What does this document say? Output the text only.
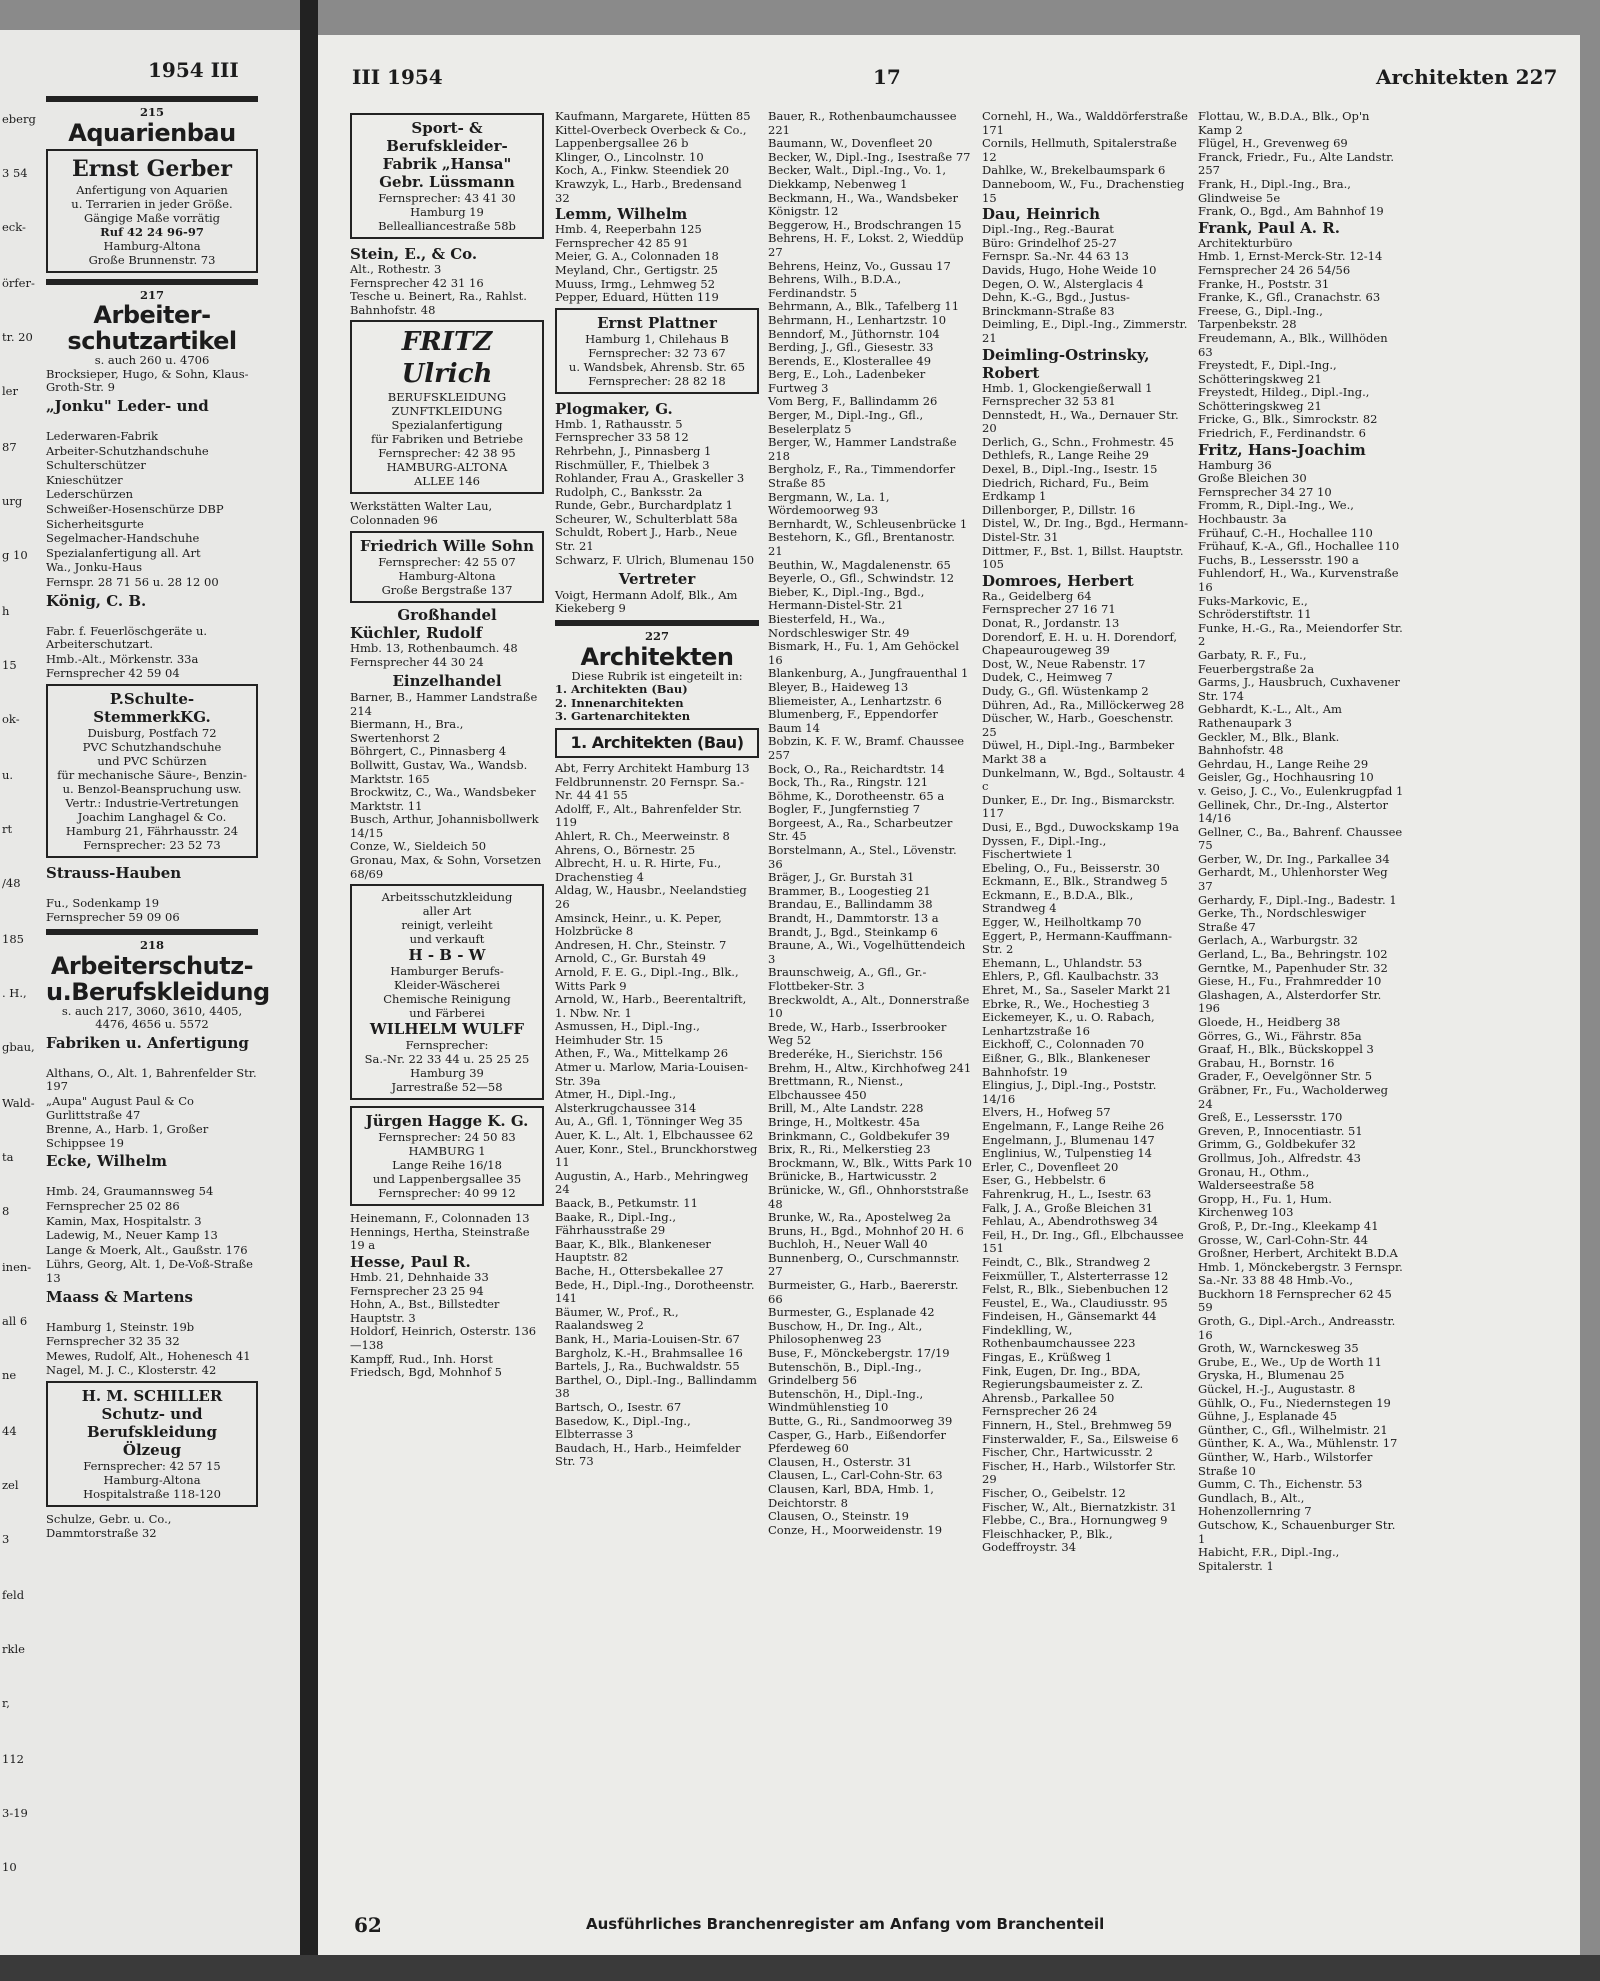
1954 III
eberg
3 54
eck-
örfer-
tr. 20
ler
87
urg
g 10
h
15
ok-
u.
rt
/48
185
. H.,
gbau,
Wald-
ta
8
inen-
all 6
ne
44
zel
3
feld
rkle
r,
112
3-19
10
215
Aquarienbau
Ernst Gerber
Anfertigung von Aquarien
u. Terrarien in jeder Größe.
Gängige Maße vorrätig
Ruf 42 24 96-97
Hamburg-Altona
Große Brunnenstr. 73
217
Arbeiter-schutzartikel
s. auch 260 u. 4706

Brocksieper, Hugo, & Sohn, Klaus-Groth-Str. 9

„Jonku" Leder- und

Lederwaren-Fabrik

Arbeiter-Schutzhandschuhe

Schultersсhützer

Knieschützer

Lederschürzen

Schweißer-Hosenschürze DBP

Sicherheitsgurte

Segelmacher-Handschuhe

Spezialanfertigung all. Art

Wa., Jonku-Haus

Fernspr. 28 71 56 u. 28 12 00

König, C. B.

Fabr. f. Feuerlöschgeräte u. Arbeiterschutzart.

Hmb.-Alt., Mörkenstr. 33a

Fernsprecher 42 59 04

P.Schulte-StemmerkKG.
Duisburg, Postfach 72
PVC Schutzhandschuhe
und PVC Schürzen
für mechanische Säure-, Benzin-
u. Benzol-Beanspruchung usw.
Vertr.: Industrie-Vertretungen
Joachim Langhagel & Co.
Hamburg 21, Fährhausstr. 24
Fernsprecher: 23 52 73

Strauss-Hauben

Fu., Sodenkamp 19

Fernsprecher 59 09 06

218
Arbeiterschutz- u.Berufskleidung
s. auch 217, 3060, 3610, 4405, 4476, 4656 u. 5572

Fabriken u. Anfertigung

Althans, O., Alt. 1, Bahrenfelder Str. 197

„Aupa" August Paul & Co Gurlittstraße 47

Brenne, A., Harb. 1, Großer Schippsee 19

Ecke, Wilhelm

Hmb. 24, Graumannsweg 54

Fernsprecher 25 02 86

Kamin, Max, Hospitalstr. 3

Ladewig, M., Neuer Kamp 13

Lange & Moerk, Alt., Gaußstr. 176

Lührs, Georg, Alt. 1, De-Voß-Straße 13

Maass & Martens

Hamburg 1, Steinstr. 19b

Fernsprecher 32 35 32

Mewes, Rudolf, Alt., Hohenesch 41

Nagel, M. J. C., Klosterstr. 42

H. M. SCHILLER
Schutz- und
Berufskleidung
Ölzeug
Fernsprecher: 42 57 15
Hamburg-Altona
Hospitalstraße 118-120

Schulze, Gebr. u. Co., Dammtorstraße 32

III 1954	17	Architekten 227
Sport- & Berufskleider-
Fabrik „Hansa"
Gebr. Lüssmann
Fernsprecher: 43 41 30
Hamburg 19
Belleallianсеstraße 58b

Stein, E., & Co.

Alt., Rothestr. 3

Fernsprecher 42 31 16

Tesche u. Beinert, Ra., Rahlst. Bahnhofstr. 48

FRITZ Ulrich
BERUFSKLEIDUNG
ZUNFTKLEIDUNG
Spezialanfertigung
für Fabriken und Betriebe
Fernsprecher: 42 38 95
HAMBURG-ALTONA
ALLEE 146

Werkstätten Walter Lau, Colonnaden 96

Friedrich Wille Sohn
Fernsprecher: 42 55 07
Hamburg-Altona
Große Bergstraße 137
Großhandel

Küchler, Rudolf

Hmb. 13, Rothenbaumch. 48

Fernsprecher 44 30 24

Einzelhandel

Barner, B., Hammer Landstraße 214

Biermann, H., Bra., Swertenhorst 2

Böhrgert, C., Pinnasberg 4

Bollwitt, Gustav, Wa., Wandsb. Marktstr. 165

Brockwitz, C., Wa., Wandsbeker Marktstr. 11

Busch, Arthur, Johannisbollwerk 14/15

Conze, W., Sieldeich 50

Gronau, Max, & Sohn, Vorsetzen 68/69

Arbeitsschutzkleidung
aller Art
reinigt, verleiht
und verkauft
H - B - W
Hamburger Berufs-
Kleider-Wäscherei
Chemische Reinigung
und Färberei
WILHELM WULFF
Fernsprecher:
Sa.-Nr. 22 33 44 u. 25 25 25
Hamburg 39
Jarrestraße 52—58
Jürgen Hagge K. G.
Fernsprecher: 24 50 83
HAMBURG 1
Lange Reihe 16/18
und Lappenbergsallee 35
Fernsprecher: 40 99 12

Heinemann, F., Colonnaden 13

Hennings, Hertha, Steinstraße 19 a

Hesse, Paul R.

Hmb. 21, Dehnhaide 33

Fernsprecher 23 25 94

Hohn, A., Bst., Billstedter Hauptstr. 3

Holdorf, Heinrich, Osterstr. 136—138

Kampff, Rud., Inh. Horst Friedsch, Bgd, Mohnhof 5

Kaufmann, Margarete, Hütten 85

Kittel-Overbeck Overbeck & Co., Lappenbergsallee 26 b

Klinger, O., Lincolnstr. 10

Koch, A., Finkw. Steendiek 20

Krawzyk, L., Harb., Bredensand 32

Lemm, Wilhelm

Hmb. 4, Reeperbahn 125

Fernsprecher 42 85 91

Meier, G. A., Colonnaden 18

Meyland, Chr., Gertigstr. 25

Muuss, Irmg., Lehmweg 52

Pepper, Eduard, Hütten 119

Ernst Plattner
Hamburg 1, Chilehaus B
Fernsprecher: 32 73 67
u. Wandsbek, Ahrensb. Str. 65
Fernsprecher: 28 82 18

Plogmaker, G.

Hmb. 1, Rathausstr. 5

Fernsprecher 33 58 12

Rehrbehn, J., Pinnasberg 1

Rischmüller, F., Thielbek 3

Rohlander, Frau A., Graskeller 3

Rudolph, C., Banksstr. 2a

Runde, Gebr., Burchardplatz 1

Scheurer, W., Schulterblatt 58a

Schuldt, Robert J., Harb., Neue Str. 21

Schwarz, F. Ulrich, Blumenau 150

Vertreter

Voigt, Hermann Adolf, Blk., Am Kiekeberg 9

227
Architekten

Diese Rubrik ist eingeteilt in:

1. Architekten (Bau)

2. Innenarchitekten

3. Gartenarchitekten

1. Architekten (Bau)

Abt, Ferry Architekt Hamburg 13 Feldbrunnenstr. 20 Fernspr. Sa.-Nr. 44 41 55

Adolff, F., Alt., Bahrenfelder Str. 119

Ahlert, R. Ch., Meerweinstr. 8

Ahrens, O., Börnestr. 25

Albrecht, H. u. R. Hirte, Fu., Drachenstieg 4

Aldag, W., Hausbr., Neelandstieg 26

Amsinck, Heinr., u. K. Peper, Holzbrücke 8

Andresen, H. Chr., Steinstr. 7

Arnold, C., Gr. Burstah 49

Arnold, F. E. G., Dipl.-Ing., Blk., Witts Park 9

Arnold, W., Harb., Beerentaltrift, 1. Nbw. Nr. 1

Asmussen, H., Dipl.-Ing., Heimhuder Str. 15

Athen, F., Wa., Mittelkamp 26

Atmer u. Marlow, Maria-Louisen-Str. 39a

Atmer, H., Dipl.-Ing., Alsterkrugchaussee 314

Au, A., Gfl. 1, Tönninger Weg 35

Auer, K. L., Alt. 1, Elbchaussee 62

Auer, Konr., Stel., Brunckhorstweg 11

Augustin, A., Harb., Mehringweg 24

Baack, B., Petkumstr. 11

Baake, R., Dipl.-Ing., Fährhausstraße 29

Baar, K., Blk., Blankeneser Hauptstr. 82

Bache, H., Ottersbekallee 27

Bede, H., Dipl.-Ing., Dorotheenstr. 141

Bäumer, W., Prof., R., Raalandsweg 2

Bank, H., Maria-Louisen-Str. 67

Bargholz, K.-H., Brahmsallee 16

Bartels, J., Ra., Buchwaldstr. 55

Barthel, O., Dipl.-Ing., Ballindamm 38

Bartsch, O., Isestr. 67

Basedow, K., Dipl.-Ing., Elbterrasse 3

Baudach, H., Harb., Heimfelder Str. 73

Bauer, R., Rothenbaumchaussee 221

Baumann, W., Dovenfleet 20

Becker, W., Dipl.-Ing., Isestraße 77

Becker, Walt., Dipl.-Ing., Vo. 1, Diekkamp, Nebenweg 1

Beckmann, H., Wa., Wandsbeker Königstr. 12

Beggerow, H., Brodschrangen 15

Behrens, H. F., Lokst. 2, Wieddüp 27

Behrens, Heinz, Vo., Gussau 17

Behrens, Wilh., B.D.A., Ferdinandstr. 5

Behrmann, A., Blk., Tafelberg 11

Behrmann, H., Lenhartzstr. 10

Benndorf, M., Jüthornstr. 104

Berding, J., Gfl., Giesestr. 33

Berends, E., Klosterallee 49

Berg, E., Loh., Ladenbeker Furtweg 3

Vom Berg, F., Ballindamm 26

Berger, M., Dipl.-Ing., Gfl., Beselerplatz 5

Berger, W., Hammer Landstraße 218

Bergholz, F., Ra., Timmendorfer Straße 85

Bergmann, W., La. 1, Wördemoorweg 93

Bernhardt, W., Schleusenbrücke 1

Bestehorn, K., Gfl., Brentanostr. 21

Beuthin, W., Magdalenenstr. 65

Beyerle, O., Gfl., Schwindstr. 12

Bieber, K., Dipl.-Ing., Bgd., Hermann-Distel-Str. 21

Biesterfeld, H., Wa., Nordschleswiger Str. 49

Bismark, H., Fu. 1, Am Gehöckel 16

Blankenburg, A., Jungfrauenthal 1

Bleyer, B., Haideweg 13

Bliemeister, A., Lenhartzstr. 6

Blumenberg, F., Eppendorfer Baum 14

Bobzin, K. F. W., Bramf. Chaussee 257

Bock, O., Ra., Reichardtstr. 14

Bock, Th., Ra., Ringstr. 121

Böhme, K., Dorotheenstr. 65 a

Bogler, F., Jungfernstieg 7

Borgeest, A., Ra., Scharbeutzer Str. 45

Borstelmann, A., Stel., Lövenstr. 36

Bräger, J., Gr. Burstah 31

Brammer, B., Loogestieg 21

Brandau, E., Ballindamm 38

Brandt, H., Dammtorstr. 13 a

Brandt, J., Bgd., Steinkamp 6

Braune, A., Wi., Vogelhüttendeich 3

Braunschweig, A., Gfl., Gr.-Flottbeker-Str. 3

Breckwoldt, A., Alt., Donnerstraße 10

Brede, W., Harb., Isserbrooker Weg 52

Brederéke, H., Sierichstr. 156

Brehm, H., Altw., Kirchhofweg 241

Brettmann, R., Nienst., Elbchaussee 450

Brill, M., Alte Landstr. 228

Bringe, H., Moltkestr. 45a

Brinkmann, C., Goldbekufer 39

Brix, R., Ri., Melkerstieg 23

Brockmann, W., Blk., Witts Park 10

Brünicke, B., Hartwicusstr. 2

Brünicke, W., Gfl., Ohnhorststraße 48

Brunke, W., Ra., Apostelweg 2a

Bruns, H., Bgd., Mohnhof 20 H. 6

Buchloh, H., Neuer Wall 40

Bunnenberg, O., Curschmannstr. 27

Burmeister, G., Harb., Baererstr. 66

Burmester, G., Esplanade 42

Buschow, H., Dr. Ing., Alt., Philosophenweg 23

Buse, F., Mönckebergstr. 17/19

Butenschön, B., Dipl.-Ing., Grindelberg 56

Butenschön, H., Dipl.-Ing., Windmühlenstieg 10

Butte, G., Ri., Sandmoorweg 39

Casper, G., Harb., Eißendorfer Pferdeweg 60

Clausen, H., Osterstr. 31

Clausen, L., Carl-Cohn-Str. 63

Clausen, Karl, BDA, Hmb. 1, Deichtorstr. 8

Clausen, O., Steinstr. 19

Conze, H., Moorweidenstr. 19

Cornehl, H., Wa., Walddörferstraße 171

Cornils, Hellmuth, Spitalerstraße 12

Dahlke, W., Brekelbaumspark 6

Danneboom, W., Fu., Drachenstieg 15

Dau, Heinrich

Dipl.-Ing., Reg.-Baurat

Büro: Grindelhof 25-27

Fernspr. Sa.-Nr. 44 63 13

Davids, Hugo, Hohe Weide 10

Degen, O. W., Alsterglacis 4

Dehn, K.-G., Bgd., Justus-Brinckmann-Straße 83

Deimling, E., Dipl.-Ing., Zimmerstr. 21

Deimling-Ostrinsky, Robert

Hmb. 1, Glockengießerwall 1

Fernsprecher 32 53 81

Dennstedt, H., Wa., Dernauer Str. 20

Derlich, G., Schn., Frohmestr. 45

Dethlefs, R., Lange Reihe 29

Dexel, B., Dipl.-Ing., Isestr. 15

Diedrich, Richard, Fu., Beim Erdkamp 1

Dillenborger, P., Dillstr. 16

Distel, W., Dr. Ing., Bgd., Hermann-Distel-Str. 31

Dittmer, F., Bst. 1, Billst. Hauptstr. 105

Domroes, Herbert

Ra., Geidelberg 64

Fernsprecher 27 16 71

Donat, R., Jordanstr. 13

Dorendorf, E. H. u. H. Dorendorf, Chapeaurougeweg 39

Dost, W., Neue Rabenstr. 17

Dudek, C., Heimweg 7

Dudy, G., Gfl. Wüstenkamp 2

Dühren, Ad., Ra., Millöckerweg 28

Düscher, W., Harb., Goeschenstr. 25

Düwel, H., Dipl.-Ing., Barmbeker Markt 38 a

Dunkelmann, W., Bgd., Soltaustr. 4 c

Dunker, E., Dr. Ing., Bismarckstr. 117

Dusi, E., Bgd., Duwockskamp 19a

Dyssen, F., Dipl.-Ing., Fischertwiete 1

Ebeling, O., Fu., Beisserstr. 30

Eckmann, E., Blk., Strandweg 5

Eckmann, E., B.D.A., Blk., Strandweg 4

Egger, W., Heilholtkamp 70

Eggert, P., Hermann-Kauffmann-Str. 2

Ehemann, L., Uhlandstr. 53

Ehlers, P., Gfl. Kaulbachstr. 33

Ehret, M., Sa., Saseler Markt 21

Ebrke, R., We., Hochestieg 3

Eickemeyer, K., u. O. Rabach, Lenhartzstraße 16

Eickhoff, C., Colonnaden 70

Eißner, G., Blk., Blankeneser Bahnhofstr. 19

Elingius, J., Dipl.-Ing., Poststr. 14/16

Elvers, H., Hofweg 57

Engelmann, F., Lange Reihe 26

Engelmann, J., Blumenau 147

Englinius, W., Tulpenstieg 14

Erler, C., Dovenfleet 20

Eser, G., Hebbelstr. 6

Fahrenkrug, H., L., Isestr. 63

Falk, J. A., Große Bleichen 31

Fehlau, A., Abendrothsweg 34

Feil, H., Dr. Ing., Gfl., Elbchaussee 151

Feindt, C., Blk., Strandweg 2

Feixmüller, T., Alsterterrasse 12

Felst, R., Blk., Siebenbuchen 12

Feustel, E., Wa., Claudiusstr. 95

Findeisen, H., Gänsemarkt 44

Findeklling, W., Rothenbaumchaussee 223

Fingas, E., Krüßweg 1

Fink, Eugen, Dr. Ing., BDA, Regierungsbaumeister z. Z. Ahrensb., Parkallee 50 Fernsprecher 26 24

Finnern, H., Stel., Brehmweg 59

Finsterwalder, F., Sa., Eilsweise 6

Fischer, Chr., Hartwicusstr. 2

Fischer, H., Harb., Wilstorfer Str. 29

Fischer, O., Geibelstr. 12

Fischer, W., Alt., Biernatzkistr. 31

Flebbe, C., Bra., Hornungweg 9

Fleischhacker, P., Blk., Godeffroystr. 34

Flottau, W., B.D.A., Blk., Op'n Kamp 2

Flügel, H., Grevenweg 69

Franck, Friedr., Fu., Alte Landstr. 257

Frank, H., Dipl.-Ing., Bra., Glindweise 5e

Frank, O., Bgd., Am Bahnhof 19

Frank, Paul A. R.

Architekturbüro

Hmb. 1, Ernst-Merck-Str. 12-14

Fernsprecher 24 26 54/56

Franke, H., Poststr. 31

Franke, K., Gfl., Cranachstr. 63

Freese, G., Dipl.-Ing., Tarpenbekstr. 28

Freudemann, A., Blk., Willhöden 63

Freystedt, F., Dipl.-Ing., Schötteringskweg 21

Freystedt, Hildeg., Dipl.-Ing., Schötteringskweg 21

Fricke, G., Blk., Simrockstr. 82

Friedrich, F., Ferdinandstr. 6

Fritz, Hans-Joachim

Hamburg 36

Große Bleichen 30

Fernsprecher 34 27 10

Fromm, R., Dipl.-Ing., We., Hochbaustr. 3a

Frühauf, C.-H., Hochallee 110

Frühauf, K.-A., Gfl., Hochallee 110

Fuchs, B., Lessersstr. 190 a

Fuhlendorf, H., Wa., Kurvenstraße 16

Fuks-Markovic, E., Schröderstiftstr. 11

Funke, H.-G., Ra., Meiendorfer Str. 2

Garbaty, R. F., Fu., Feuerbergstraße 2a

Garms, J., Hausbruch, Cuxhavener Str. 174

Gebhardt, K.-L., Alt., Am Rathenaupark 3

Geckler, M., Blk., Blank. Bahnhofstr. 48

Gehrdau, H., Lange Reihe 29

Geisler, Gg., Hochhausring 10

v. Geiso, J. C., Vo., Eulenkrugpfad 1

Gellinek, Chr., Dr.-Ing., Alstertor 14/16

Gellner, C., Ba., Bahrenf. Chaussee 75

Gerber, W., Dr. Ing., Parkallee 34

Gerhardt, M., Uhlenhorster Weg 37

Gerhardy, F., Dipl.-Ing., Badestr. 1

Gerke, Th., Nordschleswiger Straße 47

Gerlach, A., Warburgstr. 32

Gerland, L., Ba., Behringstr. 102

Gerntke, M., Papenhuder Str. 32

Giese, H., Fu., Frahmredder 10

Glashagen, A., Alsterdorfer Str. 196

Gloede, H., Heidberg 38

Görres, G., Wi., Fährstr. 85a

Graaf, H., Blk., Bückskoppel 3

Grabau, H., Bornstr. 16

Grader, F., Oevelgönner Str. 5

Gräbner, Fr., Fu., Wacholderweg 24

Greß, E., Lessersstr. 170

Greven, P., Innocentiastr. 51

Grimm, G., Goldbekufer 32

Grollmus, Joh., Alfredstr. 43

Gronau, H., Othm., Walderseestraße 58

Gropp, H., Fu. 1, Hum. Kirchenweg 103

Groß, P., Dr.-Ing., Kleekamp 41

Grosse, W., Carl-Cohn-Str. 44

Großner, Herbert, Architekt B.D.A Hmb. 1, Mönckebergstr. 3 Fernspr. Sa.-Nr. 33 88 48 Hmb.-Vo., Buckhorn 18 Fernsprecher 62 45 59

Groth, G., Dipl.-Arch., Andreasstr. 16

Groth, W., Warnckesweg 35

Grube, E., We., Up de Worth 11

Gryska, H., Blumenau 25

Gückel, H.-J., Augustastr. 8

Gühlk, O., Fu., Niedernstegen 19

Gühne, J., Esplanade 45

Günther, C., Gfl., Wilhelmistr. 21

Günther, K. A., Wa., Mühlenstr. 17

Günther, W., Harb., Wilstorfer Straße 10

Gumm, C. Th., Eichenstr. 53

Gundlach, B., Alt., Hohenzollernring 7

Gutschow, K., Schauenburger Str. 1

Habicht, F.R., Dipl.-Ing., Spitalerstr. 1

62	Ausführliches Branchenregister am Anfang vom Branchenteil
